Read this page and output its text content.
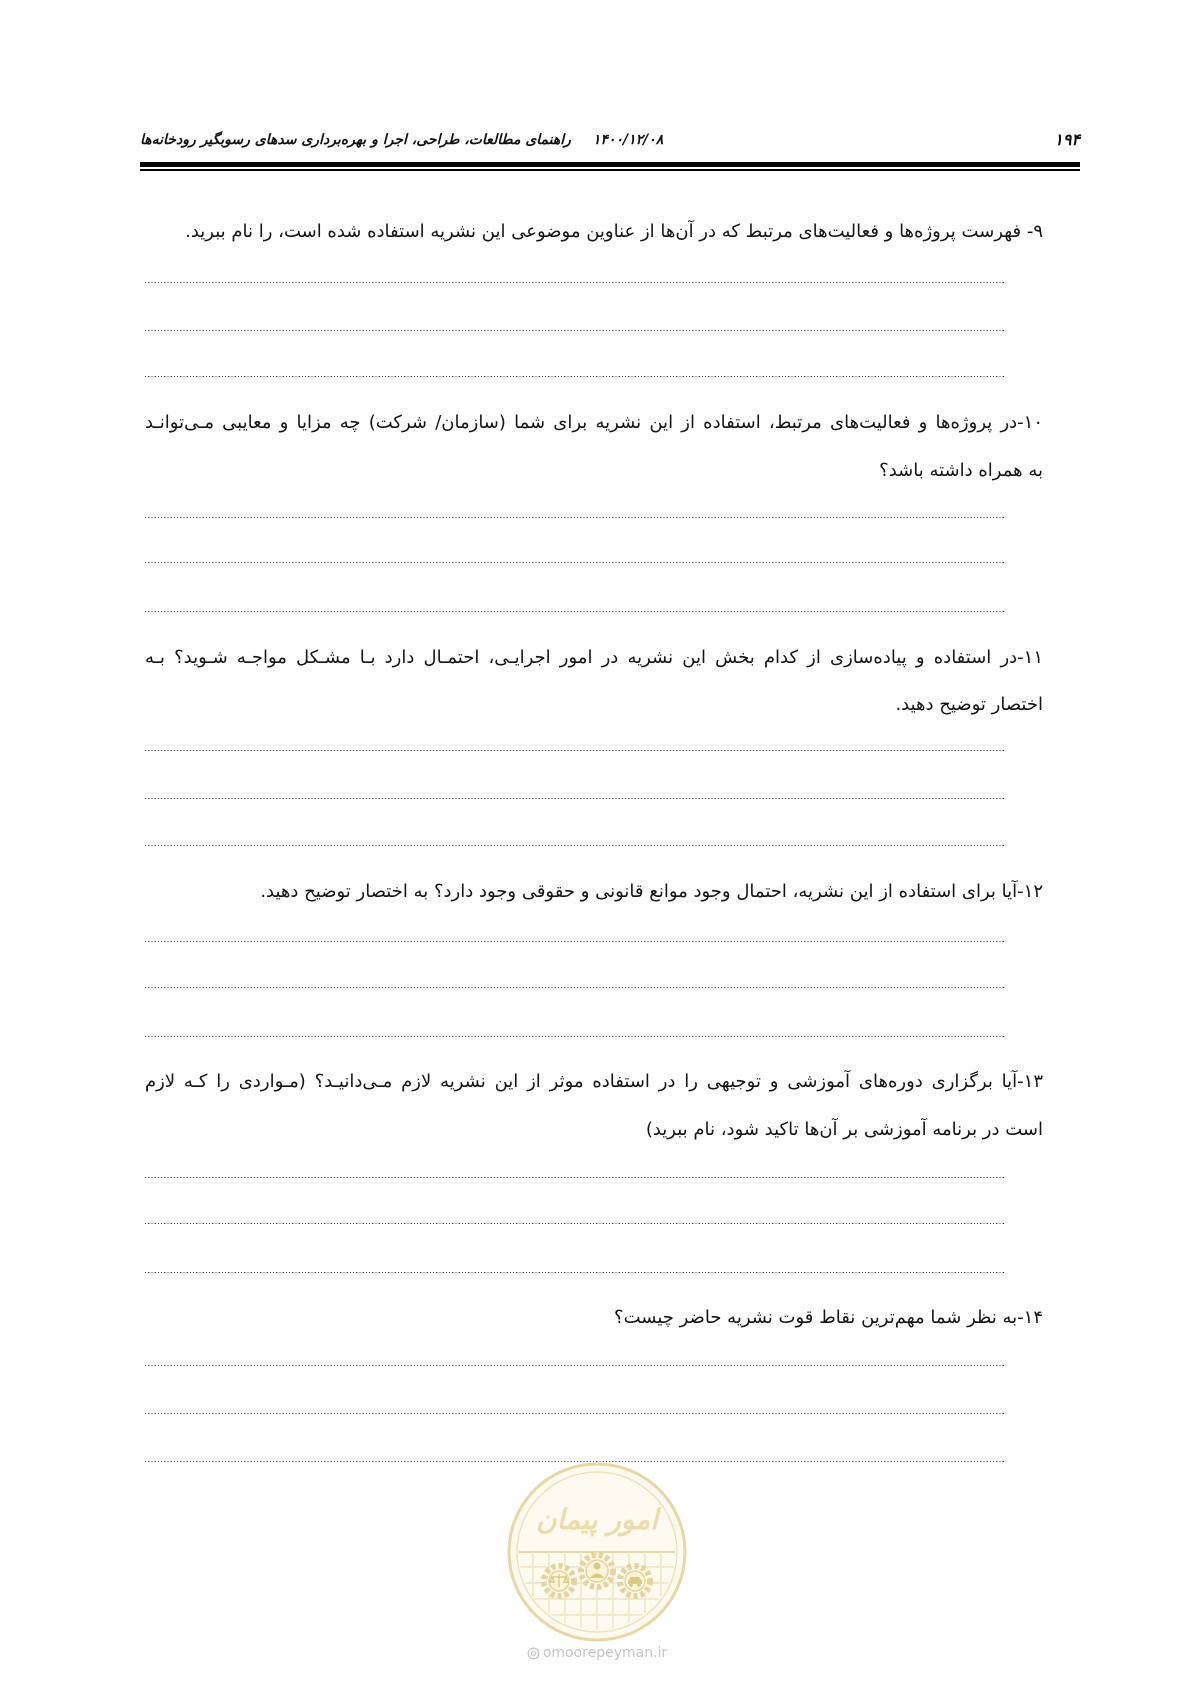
۱۹۴
۱۴۰۰/۱۲/۰۸
راهنمای مطالعات، طراحی، اجرا و بهره‌برداری سدهای رسوبگیر رودخانه‌ها
۹- فهرست پروژه‌ها و فعالیت‌های مرتبط که در آن‌ها از عناوین موضوعی این نشریه استفاده شده است، را نام ببرید.
۱۰-در پروژه‌ها و فعالیت‌های مرتبط، استفاده از این نشریه برای شما (سازمان/ شرکت) چه مزایا و معایبی مـی‌توانـد
به همراه داشته باشد؟
۱۱-در استفاده و پیاده‌سازی از کدام بخش این نشریه در امور اجرایـی، احتمـال دارد بـا مشـکل مواجـه شـوید؟ بـه
اختصار توضیح دهید.
۱۲-آیا برای استفاده از این نشریه، احتمال وجود موانع قانونی و حقوقی وجود دارد؟ به اختصار توضیح دهید.
۱۳-آیا برگزاری دوره‌های آموزشی و توجیهی را در استفاده موثر از این نشریه لازم مـی‌دانیـد؟ (مـواردی را کـه لازم
است در برنامه آموزشی بر آن‌ها تاکید شود، نام ببرید)
۱۴-به نظر شما مهم‌ترین نقاط قوت نشریه حاضر چیست؟
امور پیمان
omoorepeyman.ir
